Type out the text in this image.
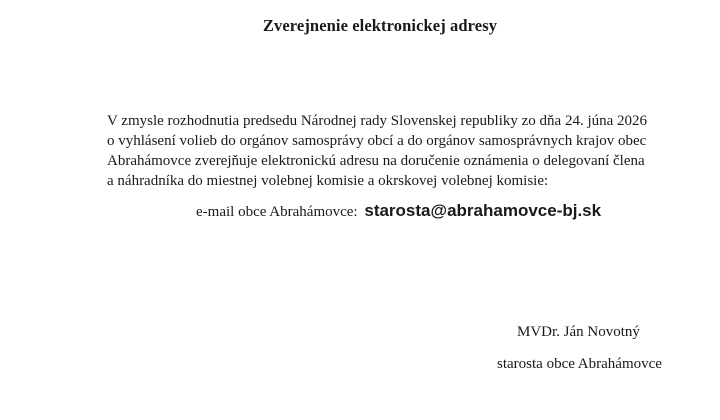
Zverejnenie elektronickej adresy

V zmysle rozhodnutia predsedu Národnej rady Slovenskej republiky zo dňa 24. júna 2026
o vyhlásení volieb do orgánov samosprávy obcí a do orgánov samosprávnych krajov obec
Abrahámovce zverejňuje elektronickú adresu na doručenie oznámenia o delegovaní člena
a náhradníka do miestnej volebnej komisie a okrskovej volebnej komisie:

e-mail obce Abrahámovce: starosta@abrahamovce-bj.sk
MVDr. Ján Novotný
starosta obce Abrahámovce
